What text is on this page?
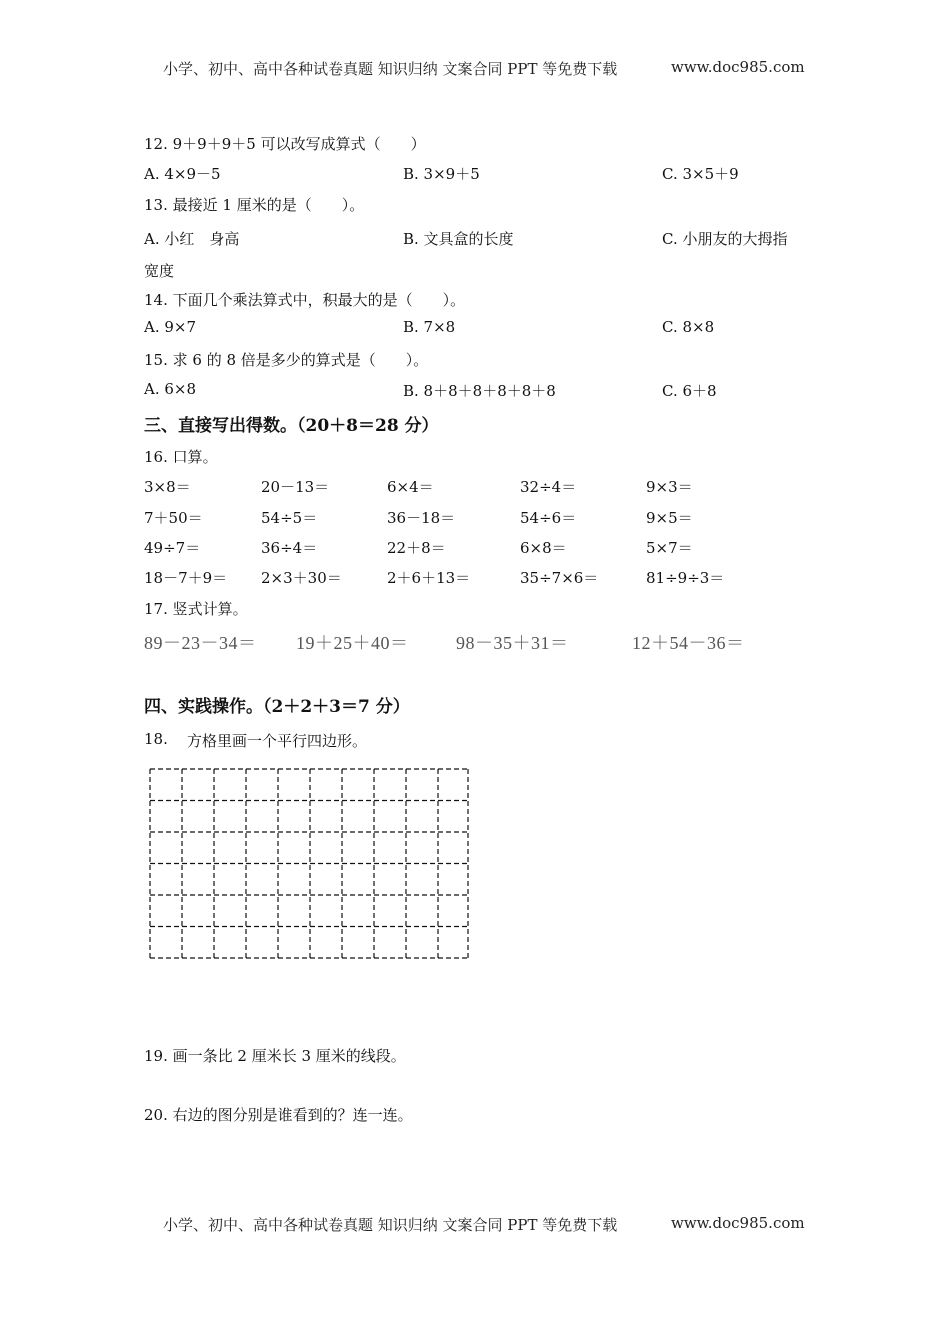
小学、初中、高中各种试卷真题 知识归纳 文案合同 PPT 等免费下载	www.doc985.com
12. 9＋9＋9＋5 可以改写成算式（　　）
A. 4×9－5	B. 3×9＋5	C. 3×5＋9
13. 最接近 1 厘米的是（　　）。
A. 小红　身高	B. 文具盒的长度	C. 小朋友的大拇指
宽度
14. 下面几个乘法算式中，积最大的是（　　）。
A. 9×7	B. 7×8	C. 8×8
15. 求 6 的 8 倍是多少的算式是（　　）。
A. 6×8	B. 8＋8＋8＋8＋8＋8	C. 6＋8
三、直接写出得数。（20＋8＝28 分）
16. 口算。
3×8＝	20－13＝	6×4＝	32÷4＝	9×3＝
7＋50＝	54÷5＝	36－18＝	54÷6＝	9×5＝
49÷7＝	36÷4＝	22＋8＝	6×8＝	5×7＝
18－7＋9＝ 2×3＋30＝	2＋6＋13＝	35÷7×6＝	81÷9÷3＝
17. 竖式计算。
89－23－34＝ 19＋25＋40＝	98－35＋31＝	12＋54－36＝
四、实践操作。（2＋2＋3＝7 分）
18. 方格里画一个平行四边形。
19. 画一条比 2 厘米长 3 厘米的线段。
20. 右边的图分别是谁看到的？连一连。
小学、初中、高中各种试卷真题 知识归纳 文案合同 PPT 等免费下载	www.doc985.com
